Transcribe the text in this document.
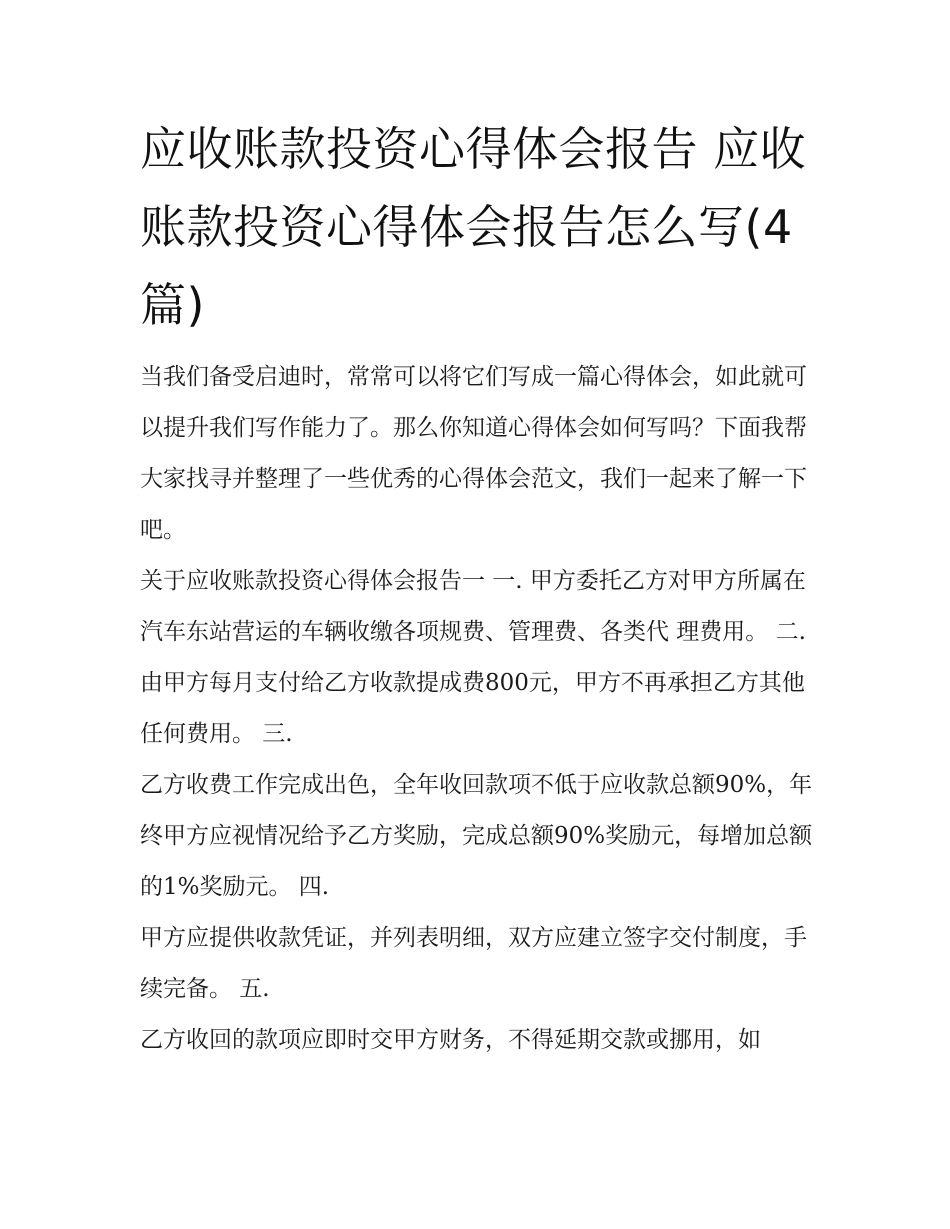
应收账款投资心得体会报告 应收账款投资心得体会报告怎么写(4篇)

当我们备受启迪时，常常可以将它们写成一篇心得体会，如此就可以提升我们写作能力了。那么你知道心得体会如何写吗？下面我帮大家找寻并整理了一些优秀的心得体会范文，我们一起来了解一下吧。

关于应收账款投资心得体会报告一 一. 甲方委托乙方对甲方所属在汽车东站营运的车辆收缴各项规费、管理费、各类代 理费用。 二.

由甲方每月支付给乙方收款提成费800元，甲方不再承担乙方其他任何费用。 三.

乙方收费工作完成出色，全年收回款项不低于应收款总额90%，年终甲方应视情况给予乙方奖励，完成总额90%奖励元，每增加总额的1%奖励元。 四.

甲方应提供收款凭证，并列表明细，双方应建立签字交付制度，手续完备。 五.

乙方收回的款项应即时交甲方财务，不得延期交款或挪用，如
